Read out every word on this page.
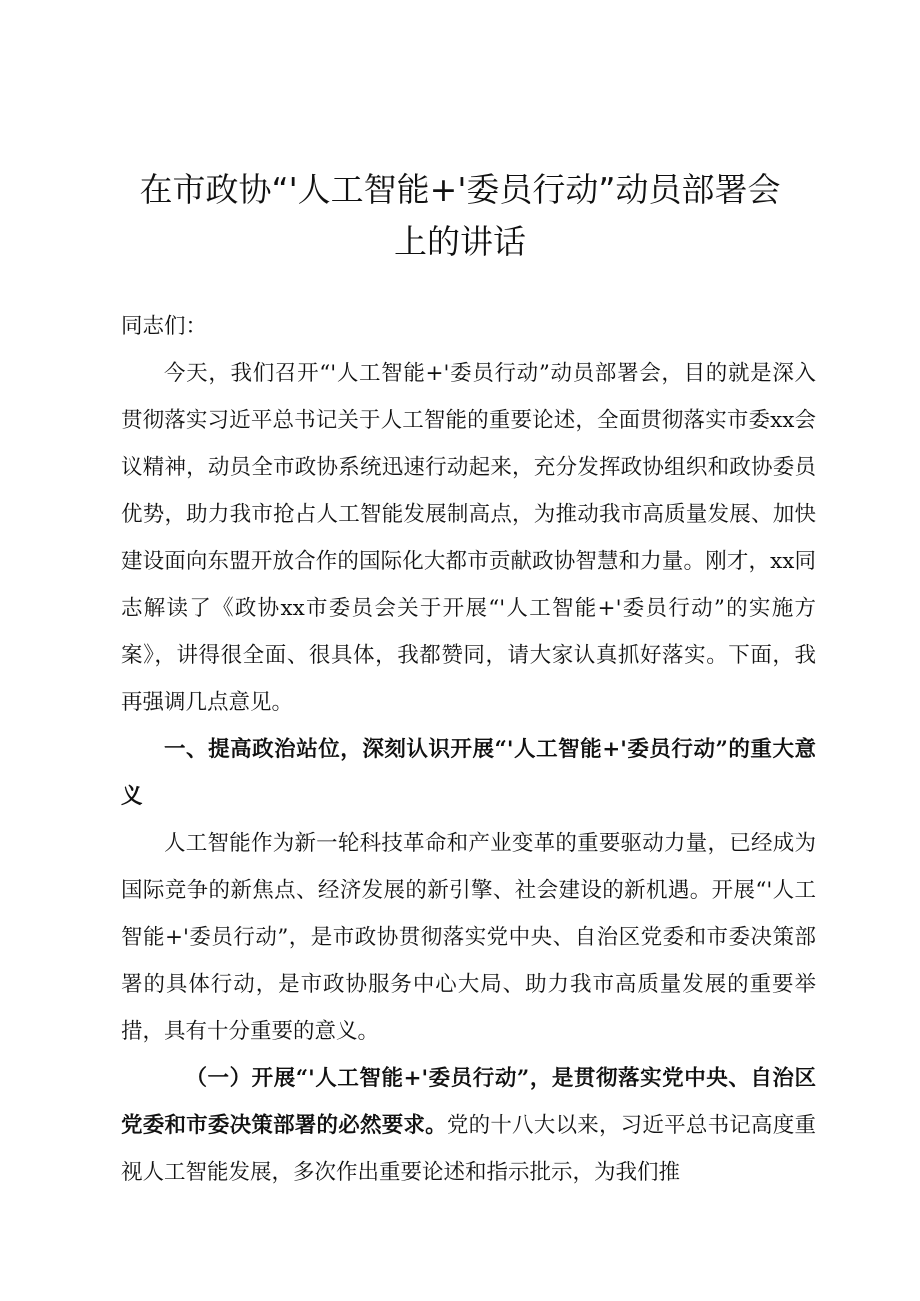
在市政协“'人工智能+'委员行动”动员部署会
上的讲话

同志们：

今天，我们召开“'人工智能+'委员行动”动员部署会，目的就是深入贯彻落实习近平总书记关于人工智能的重要论述，全面贯彻落实市委xx会议精神，动员全市政协系统迅速行动起来，充分发挥政协组织和政协委员优势，助力我市抢占人工智能发展制高点，为推动我市高质量发展、加快建设面向东盟开放合作的国际化大都市贡献政协智慧和力量。刚才，xx同志解读了《政协xx市委员会关于开展“'人工智能+'委员行动”的实施方案》，讲得很全面、很具体，我都赞同，请大家认真抓好落实。下面，我再强调几点意见。

一、提高政治站位，深刻认识开展“'人工智能+'委员行动”的重大意义

人工智能作为新一轮科技革命和产业变革的重要驱动力量，已经成为国际竞争的新焦点、经济发展的新引擎、社会建设的新机遇。开展“'人工智能+'委员行动”，是市政协贯彻落实党中央、自治区党委和市委决策部署的具体行动，是市政协服务中心大局、助力我市高质量发展的重要举措，具有十分重要的意义。

（一）开展“'人工智能+'委员行动”，是贯彻落实党中央、自治区党委和市委决策部署的必然要求。党的十八大以来，习近平总书记高度重视人工智能发展，多次作出重要论述和指示批示，为我们推
